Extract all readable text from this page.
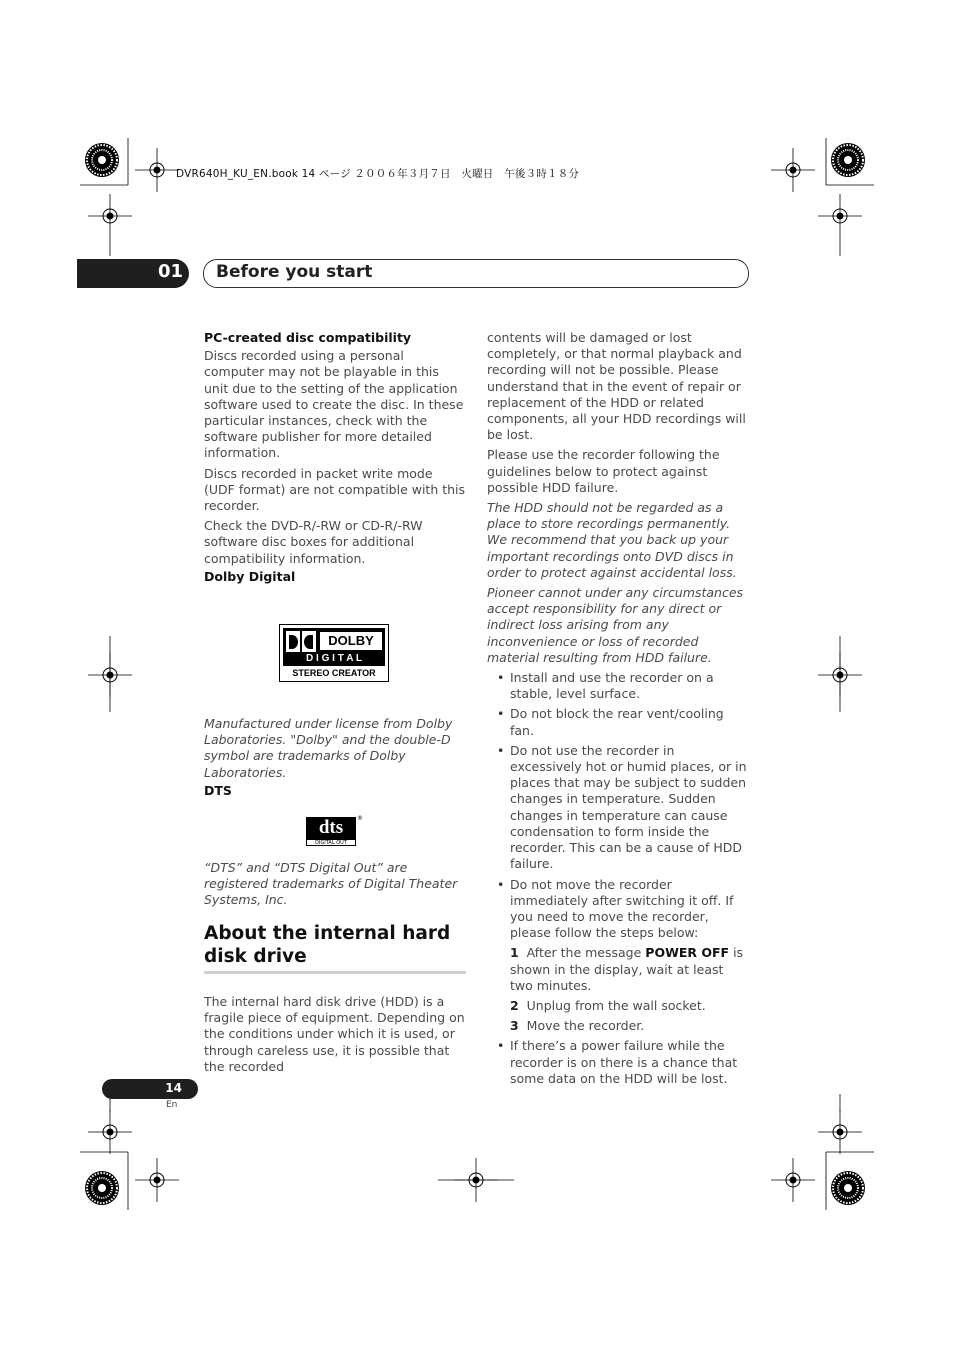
DVR640H_KU_EN.book 14 ページ ２００６年３月７日　火曜日　午後３時１８分
01 Before you start
PC-created disc compatibility

Discs recorded using a personal computer may not be playable in this unit due to the setting of the application software used to create the disc. In these particular instances, check with the software publisher for more detailed information.

Discs recorded in packet write mode (UDF format) are not compatible with this recorder.

Check the DVD-R/-RW or CD-R/-RW software disc boxes for additional compatibility information.

Dolby Digital
DOLBY
D I G I T A L
STEREO CREATOR
Manufactured under license from Dolby Laboratories. "Dolby" and the double-D symbol are trademarks of Dolby Laboratories.
DTS
dts
DIGITAL OUT
®
“DTS” and “DTS Digital Out” are registered trademarks of Digital Theater Systems, Inc.
About the internal hard disk drive

The internal hard disk drive (HDD) is a fragile piece of equipment. Depending on the conditions under which it is used, or through careless use, it is possible that the recorded

contents will be damaged or lost completely, or that normal playback and recording will not be possible. Please understand that in the event of repair or replacement of the HDD or related components, all your HDD recordings will be lost.

Please use the recorder following the guidelines below to protect against possible HDD failure.

The HDD should not be regarded as a place to store recordings permanently. We recommend that you back up your important recordings onto DVD discs in order to protect against accidental loss.

Pioneer cannot under any circumstances accept responsibility for any direct or indirect loss arising from any inconvenience or loss of recorded material resulting from HDD failure.

• Install and use the recorder on a stable, level surface.
• Do not block the rear vent/cooling fan.
• Do not use the recorder in excessively hot or humid places, or in places that may be subject to sudden changes in temperature. Sudden changes in temperature can cause condensation to form inside the recorder. This can be a cause of HDD failure.
• Do not move the recorder immediately after switching it off. If you need to move the recorder, please follow the steps below:
1 After the message POWER OFF is shown in the display, wait at least two minutes.
2 Unplug from the wall socket.
3 Move the recorder.
• If there’s a power failure while the recorder is on there is a chance that some data on the HDD will be lost.
14
En
